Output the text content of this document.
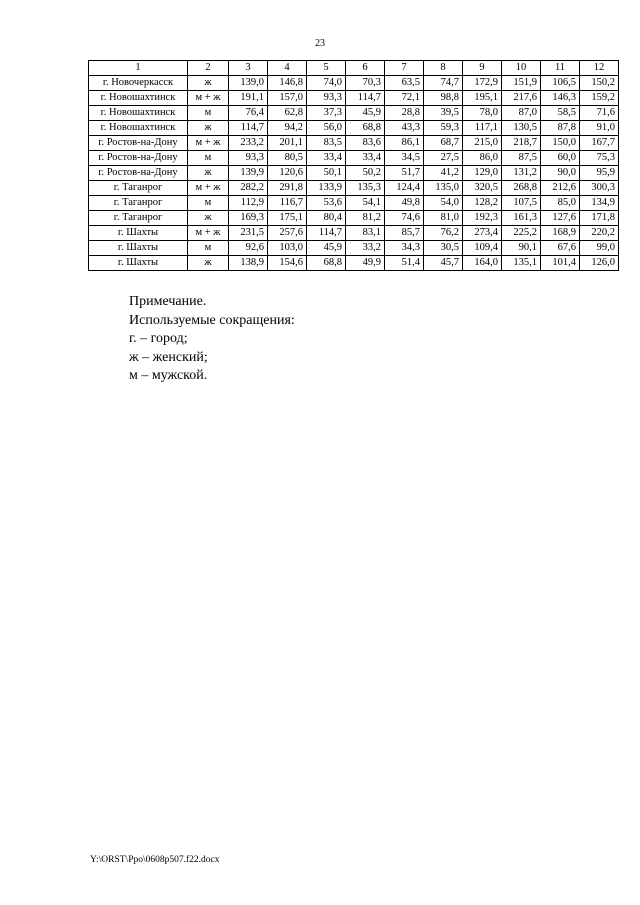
23
1	2	3	4	5	6	7	8	9	10	11	12
г. Новочеркасск	ж	139,0	146,8	74,0	70,3	63,5	74,7	172,9	151,9	106,5	150,2
г. Новошахтинск	м + ж	191,1	157,0	93,3	114,7	72,1	98,8	195,1	217,6	146,3	159,2
г. Новошахтинск	м	76,4	62,8	37,3	45,9	28,8	39,5	78,0	87,0	58,5	71,6
г. Новошахтинск	ж	114,7	94,2	56,0	68,8	43,3	59,3	117,1	130,5	87,8	91,0
г. Ростов-на-Дону	м + ж	233,2	201,1	83,5	83,6	86,1	68,7	215,0	218,7	150,0	167,7
г. Ростов-на-Дону	м	93,3	80,5	33,4	33,4	34,5	27,5	86,0	87,5	60,0	75,3
г. Ростов-на-Дону	ж	139,9	120,6	50,1	50,2	51,7	41,2	129,0	131,2	90,0	95,9
г. Таганрог	м + ж	282,2	291,8	133,9	135,3	124,4	135,0	320,5	268,8	212,6	300,3
г. Таганрог	м	112,9	116,7	53,6	54,1	49,8	54,0	128,2	107,5	85,0	134,9
г. Таганрог	ж	169,3	175,1	80,4	81,2	74,6	81,0	192,3	161,3	127,6	171,8
г. Шахты	м + ж	231,5	257,6	114,7	83,1	85,7	76,2	273,4	225,2	168,9	220,2
г. Шахты	м	92,6	103,0	45,9	33,2	34,3	30,5	109,4	90,1	67,6	99,0
г. Шахты	ж	138,9	154,6	68,8	49,9	51,4	45,7	164,0	135,1	101,4	126,0
Примечание.
Используемые сокращения:
г. – город;
ж – женский;
м – мужской.
Y:\ORST\Ppo\0608p507.f22.docx
